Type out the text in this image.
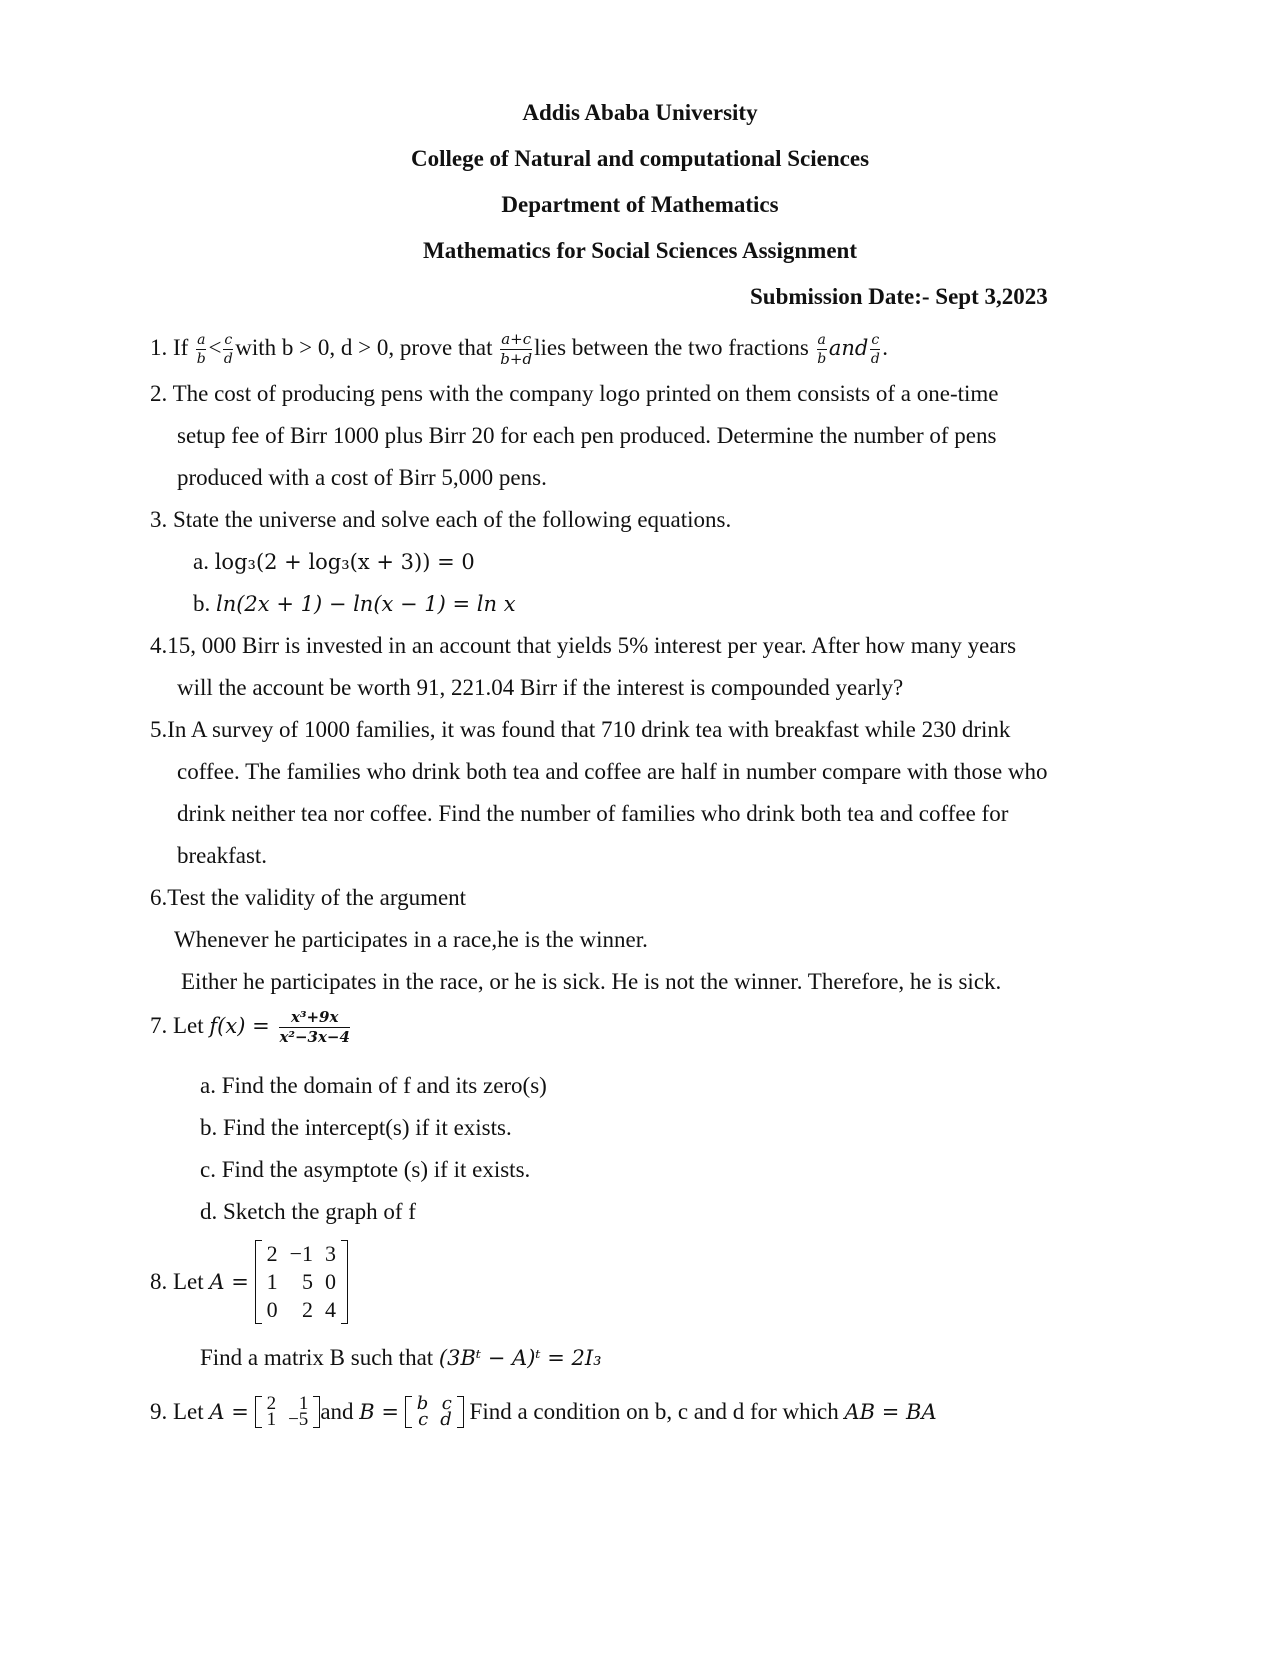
Addis Ababa University
College of Natural and computational Sciences
Department of Mathematics
Mathematics for Social Sciences Assignment
Submission Date:- Sept 3,2023
1. If $\frac{a}{b} < \frac{c}{d}$ with b > 0, d > 0, prove that $\frac{a+c}{b+d}$ lies between the two fractions $\frac{a}{b}$ and $\frac{c}{d}$ .
2. The cost of producing pens with the company logo printed on them consists of a one-time
setup fee of Birr 1000 plus Birr 20 for each pen produced. Determine the number of pens
produced with a cost of Birr 5,000 pens.
3. State the universe and solve each of the following equations.
a. log₃(2 + log₃(x + 3)) = 0
b. ln(2x + 1) − ln(x − 1) = ln x
4.15, 000 Birr is invested in an account that yields 5% interest per year. After how many years
will the account be worth 91, 221.04 Birr if the interest is compounded yearly?
5.In A survey of 1000 families, it was found that 710 drink tea with breakfast while 230 drink
coffee. The families who drink both tea and coffee are half in number compare with those who
drink neither tea nor coffee. Find the number of families who drink both tea and coffee for
breakfast.
6.Test the validity of the argument
Whenever he participates in a race,he is the winner.
Either he participates in the race, or he is sick. He is not the winner. Therefore, he is sick.
7. Let $f(x) = \frac{\text{x³+9x}}{\text{x²−3x−4}}$
a. Find the domain of f and its zero(s)
b. Find the intercept(s) if it exists.
c. Find the asymptote (s) if it exists.
d. Sketch the graph of f
8. Let A = 2	−1	3
1	5	0
0	2	4
Find a matrix B such that (3Bᵗ − A)ᵗ = 2I₃
9. Let A = 2	1
1	−5 and B = b	c
c	d Find a condition on b, c and d for which AB = BA
